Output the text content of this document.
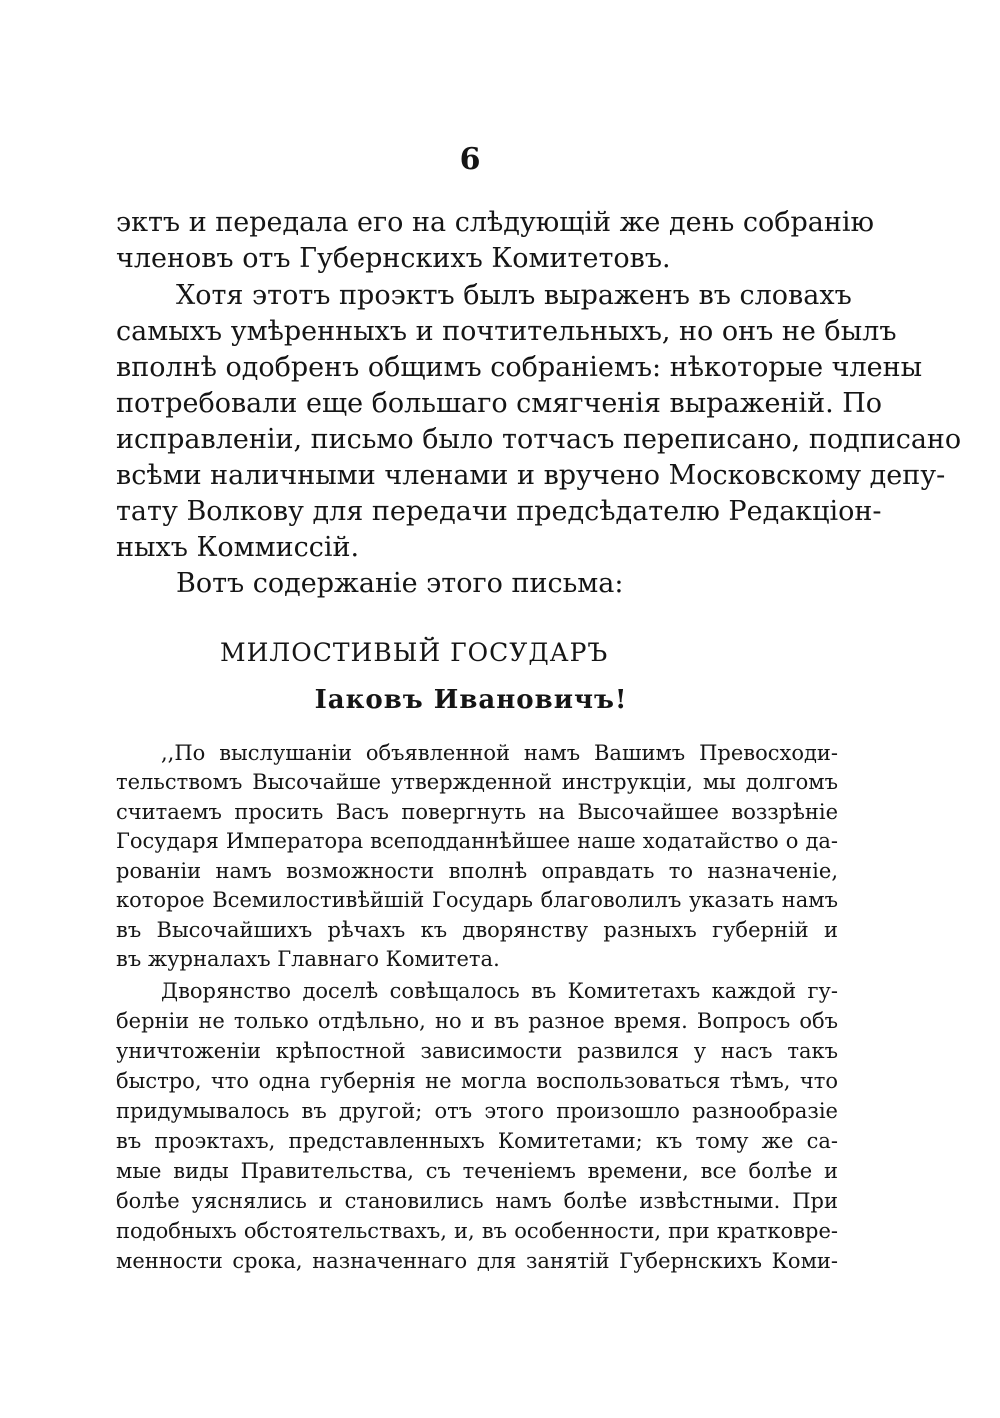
6
эктъ и передала его на слѣдующій же день собранію
членовъ отъ Губернскихъ Комитетовъ.
Хотя этотъ проэктъ былъ выраженъ въ словахъ
самыхъ умѣренныхъ и почтительныхъ, но онъ не былъ
вполнѣ одобренъ общимъ собраніемъ: нѣкоторые члены
потребовали еще большаго смягченія выраженій. По
исправленіи, письмо было тотчасъ переписано, подписано
всѣми наличными членами и вручено Московскому депу-
тату Волкову для передачи предсѣдателю Редакціон-
ныхъ Коммиссій.
Вотъ содержаніе этого письма:
МИЛОСТИВЫЙ ГОСУДАРЪ
Іаковъ Ивановичъ!
,,По выслушаніи объявленной намъ Вашимъ Превосходи-
тельствомъ Высочайше утвержденной инструкціи, мы долгомъ
считаемъ просить Васъ повергнуть на Высочайшее воззрѣніе
Государя Императора всеподданнѣйшее наше ходатайство о да-
рованіи намъ возможности вполнѣ оправдать то назначеніе,
которое Всемилостивѣйшій Государь благоволилъ указать намъ
въ Высочайшихъ рѣчахъ къ дворянству разныхъ губерній и
въ журналахъ Главнаго Комитета.
Дворянство доселѣ совѣщалось въ Комитетахъ каждой гу-
берніи не только отдѣльно, но и въ разное время. Вопросъ объ
уничтоженіи крѣпостной зависимости развился у насъ такъ
быстро, что одна губернія не могла воспользоваться тѣмъ, что
придумывалось въ другой; отъ этого произошло разнообразіе
въ проэктахъ, представленныхъ Комитетами; къ тому же са-
мые виды Правительства, съ теченіемъ времени, все болѣе и
болѣе уяснялись и становились намъ болѣе извѣстными. При
подобныхъ обстоятельствахъ, и, въ особенности, при кратковре-
менности срока, назначеннаго для занятій Губернскихъ Коми-
